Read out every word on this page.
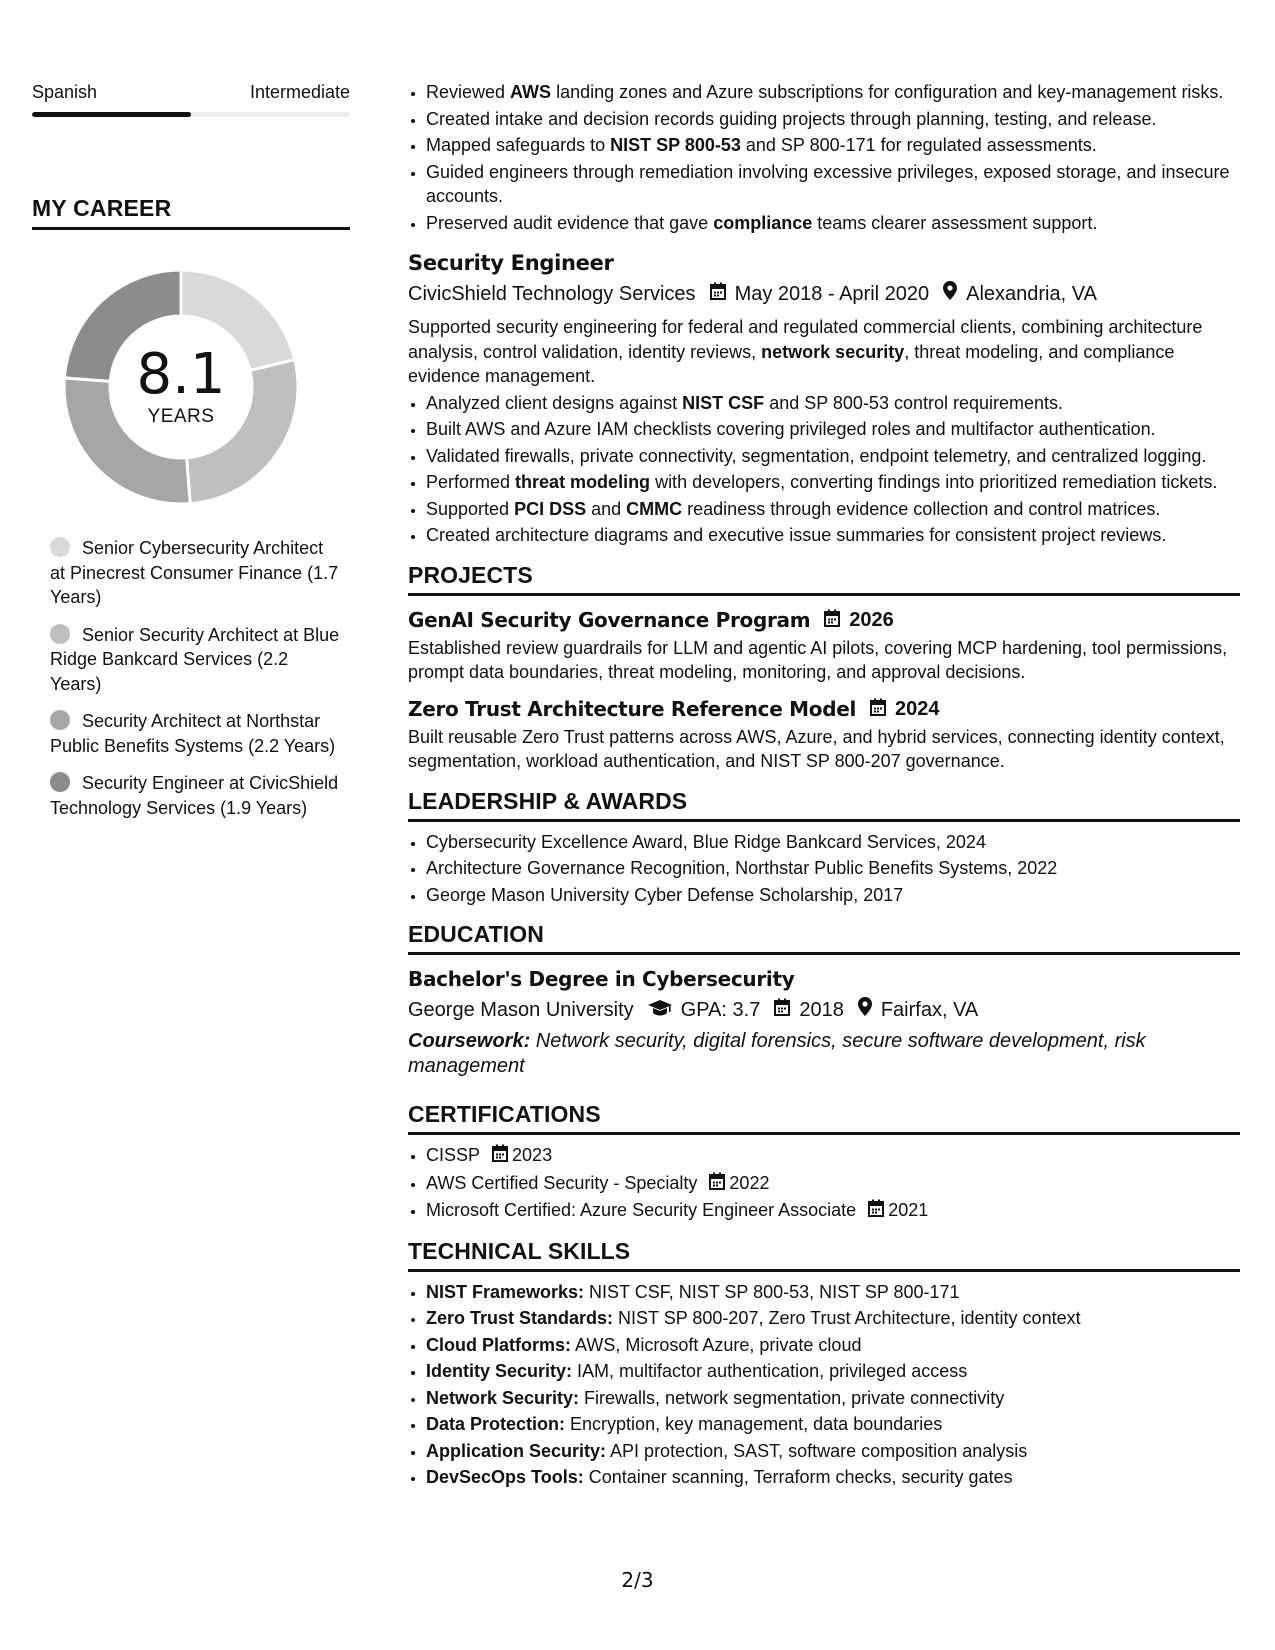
Spanish	Intermediate
MY CAREER
8.1
YEARS
Senior Cybersecurity Architect at Pinecrest Consumer Finance (1.7 Years)
Senior Security Architect at Blue Ridge Bankcard Services (2.2 Years)
Security Architect at Northstar Public Benefits Systems (2.2 Years)
Security Engineer at CivicShield Technology Services (1.9 Years)
• Reviewed AWS landing zones and Azure subscriptions for configuration and key-management risks.
• Created intake and decision records guiding projects through planning, testing, and release.
• Mapped safeguards to NIST SP 800-53 and SP 800-171 for regulated assessments.
• Guided engineers through remediation involving excessive privileges, exposed storage, and insecure accounts.
• Preserved audit evidence that gave compliance teams clearer assessment support.
Security Engineer
CivicShield Technology Services May 2018 - April 2020 Alexandria, VA
Supported security engineering for federal and regulated commercial clients, combining architecture analysis, control validation, identity reviews, network security, threat modeling, and compliance evidence management.
• Analyzed client designs against NIST CSF and SP 800-53 control requirements.
• Built AWS and Azure IAM checklists covering privileged roles and multifactor authentication.
• Validated firewalls, private connectivity, segmentation, endpoint telemetry, and centralized logging.
• Performed threat modeling with developers, converting findings into prioritized remediation tickets.
• Supported PCI DSS and CMMC readiness through evidence collection and control matrices.
• Created architecture diagrams and executive issue summaries for consistent project reviews.
PROJECTS
GenAI Security Governance Program 2026
Established review guardrails for LLM and agentic AI pilots, covering MCP hardening, tool permissions, prompt data boundaries, threat modeling, monitoring, and approval decisions.
Zero Trust Architecture Reference Model 2024
Built reusable Zero Trust patterns across AWS, Azure, and hybrid services, connecting identity context, segmentation, workload authentication, and NIST SP 800-207 governance.
LEADERSHIP & AWARDS
• Cybersecurity Excellence Award, Blue Ridge Bankcard Services, 2024
• Architecture Governance Recognition, Northstar Public Benefits Systems, 2022
• George Mason University Cyber Defense Scholarship, 2017
EDUCATION
Bachelor's Degree in Cybersecurity
George Mason University GPA: 3.7 2018 Fairfax, VA
Coursework: Network security, digital forensics, secure software development, risk management
CERTIFICATIONS
• CISSP 2023
• AWS Certified Security - Specialty 2022
• Microsoft Certified: Azure Security Engineer Associate 2021
TECHNICAL SKILLS
• NIST Frameworks: NIST CSF, NIST SP 800-53, NIST SP 800-171
• Zero Trust Standards: NIST SP 800-207, Zero Trust Architecture, identity context
• Cloud Platforms: AWS, Microsoft Azure, private cloud
• Identity Security: IAM, multifactor authentication, privileged access
• Network Security: Firewalls, network segmentation, private connectivity
• Data Protection: Encryption, key management, data boundaries
• Application Security: API protection, SAST, software composition analysis
• DevSecOps Tools: Container scanning, Terraform checks, security gates
2/3
